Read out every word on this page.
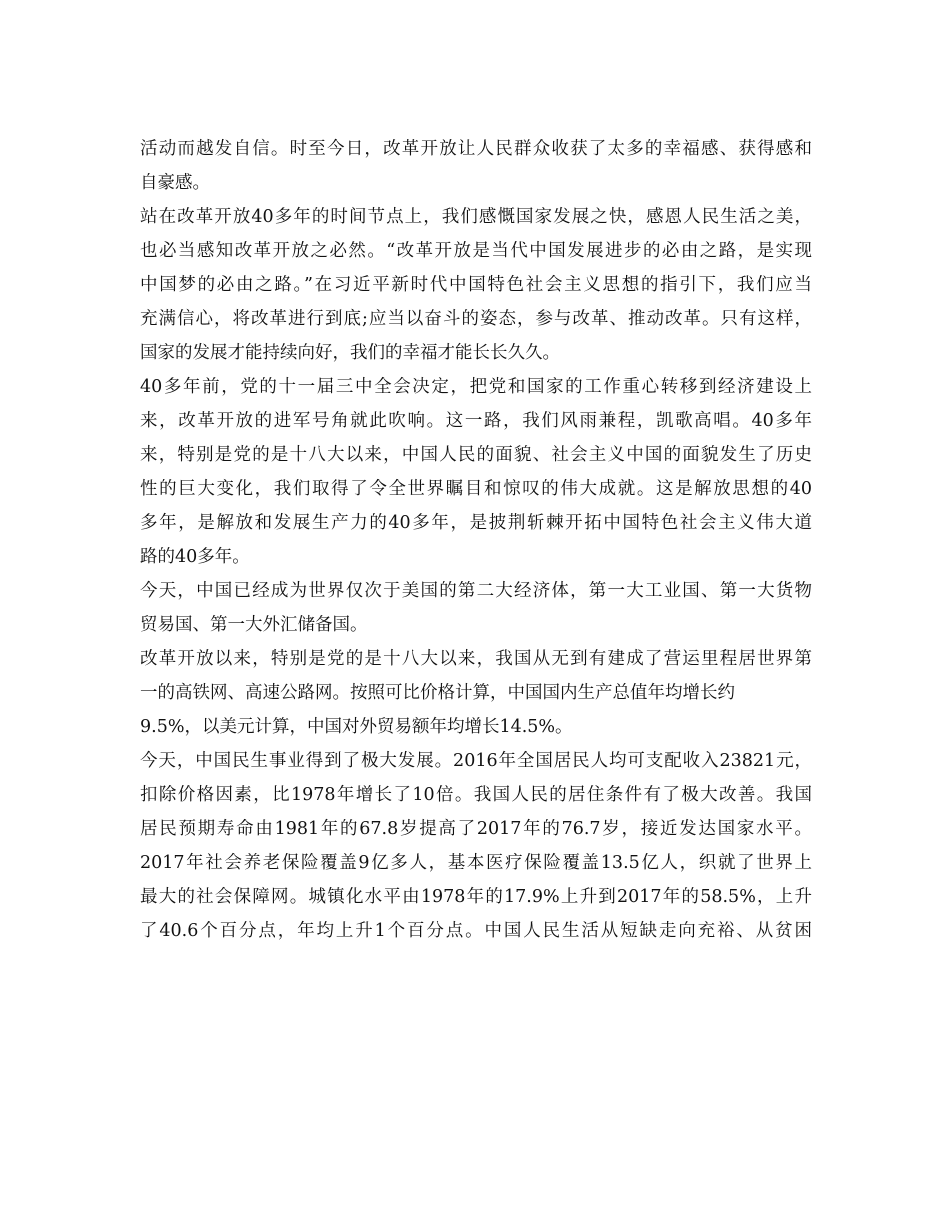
活动而越发自信。时至今日，改革开放让人民群众收获了太多的幸福感、获得感和
自豪感。
站在改革开放40多年的时间节点上，我们感慨国家发展之快，感恩人民生活之美，
也必当感知改革开放之必然。“改革开放是当代中国发展进步的必由之路，是实现
中国梦的必由之路。”在习近平新时代中国特色社会主义思想的指引下，我们应当
充满信心，将改革进行到底;应当以奋斗的姿态，参与改革、推动改革。只有这样，
国家的发展才能持续向好，我们的幸福才能长长久久。
40多年前，党的十一届三中全会决定，把党和国家的工作重心转移到经济建设上
来，改革开放的进军号角就此吹响。这一路，我们风雨兼程，凯歌高唱。40多年
来，特别是党的是十八大以来，中国人民的面貌、社会主义中国的面貌发生了历史
性的巨大变化，我们取得了令全世界瞩目和惊叹的伟大成就。这是解放思想的40
多年，是解放和发展生产力的40多年，是披荆斩棘开拓中国特色社会主义伟大道
路的40多年。
今天，中国已经成为世界仅次于美国的第二大经济体，第一大工业国、第一大货物
贸易国、第一大外汇储备国。
改革开放以来，特别是党的是十八大以来，我国从无到有建成了营运里程居世界第
一的高铁网、高速公路网。按照可比价格计算，中国国内生产总值年均增长约
9.5%，以美元计算，中国对外贸易额年均增长14.5%。
今天，中国民生事业得到了极大发展。2016年全国居民人均可支配收入23821元，
扣除价格因素，比1978年增长了10倍。我国人民的居住条件有了极大改善。我国
居民预期寿命由1981年的67.8岁提高了2017年的76.7岁，接近发达国家水平。
2017年社会养老保险覆盖9亿多人，基本医疗保险覆盖13.5亿人，织就了世界上
最大的社会保障网。城镇化水平由1978年的17.9%上升到2017年的58.5%，上升
了40.6个百分点，年均上升1个百分点。中国人民生活从短缺走向充裕、从贫困
